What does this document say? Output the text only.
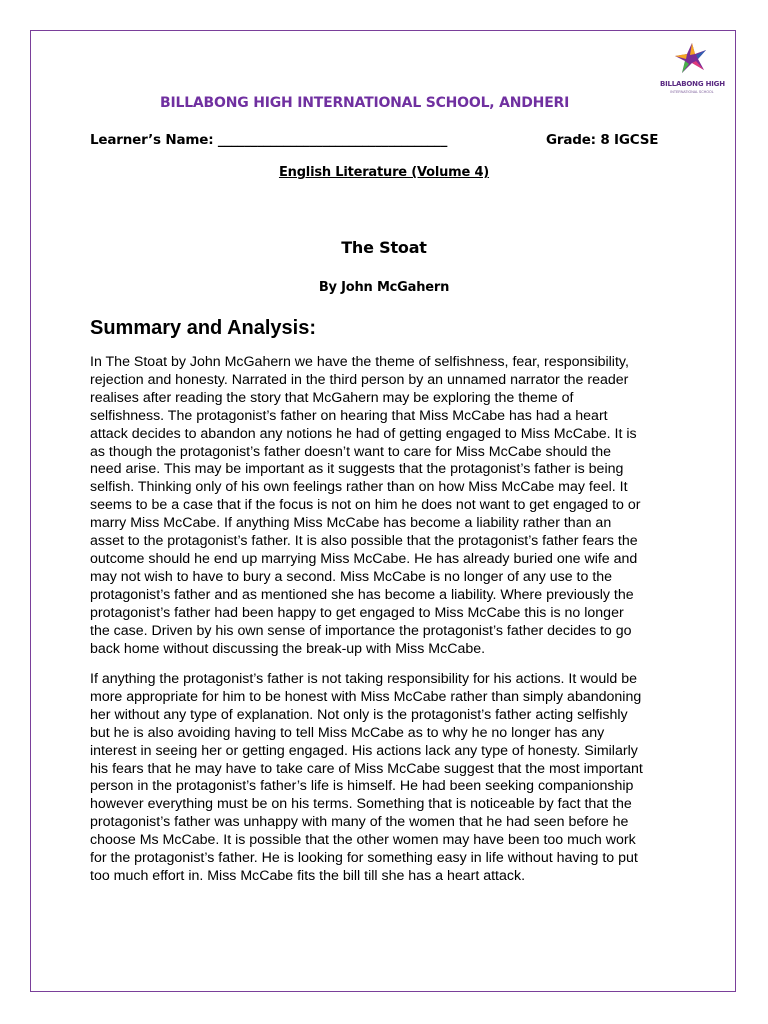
BILLABONG HIGH
INTERNATIONAL SCHOOL
BILLABONG HIGH INTERNATIONAL SCHOOL, ANDHERI
Learner’s Name: ___________________________________	Grade: 8 IGCSE
English Literature (Volume 4)
The Stoat
By John McGahern
Summary and Analysis:
In The Stoat by John McGahern we have the theme of selfishness, fear, responsibility,
rejection and honesty. Narrated in the third person by an unnamed narrator the reader
realises after reading the story that McGahern may be exploring the theme of
selfishness. The protagonist’s father on hearing that Miss McCabe has had a heart
attack decides to abandon any notions he had of getting engaged to Miss McCabe. It is
as though the protagonist’s father doesn’t want to care for Miss McCabe should the
need arise. This may be important as it suggests that the protagonist’s father is being
selfish. Thinking only of his own feelings rather than on how Miss McCabe may feel. It
seems to be a case that if the focus is not on him he does not want to get engaged to or
marry Miss McCabe. If anything Miss McCabe has become a liability rather than an
asset to the protagonist’s father. It is also possible that the protagonist’s father fears the
outcome should he end up marrying Miss McCabe. He has already buried one wife and
may not wish to have to bury a second. Miss McCabe is no longer of any use to the
protagonist’s father and as mentioned she has become a liability. Where previously the
protagonist’s father had been happy to get engaged to Miss McCabe this is no longer
the case. Driven by his own sense of importance the protagonist’s father decides to go
back home without discussing the break-up with Miss McCabe.
If anything the protagonist’s father is not taking responsibility for his actions. It would be
more appropriate for him to be honest with Miss McCabe rather than simply abandoning
her without any type of explanation. Not only is the protagonist’s father acting selfishly
but he is also avoiding having to tell Miss McCabe as to why he no longer has any
interest in seeing her or getting engaged. His actions lack any type of honesty. Similarly
his fears that he may have to take care of Miss McCabe suggest that the most important
person in the protagonist’s father’s life is himself. He had been seeking companionship
however everything must be on his terms. Something that is noticeable by fact that the
protagonist’s father was unhappy with many of the women that he had seen before he
choose Ms McCabe. It is possible that the other women may have been too much work
for the protagonist’s father. He is looking for something easy in life without having to put
too much effort in. Miss McCabe fits the bill till she has a heart attack.
